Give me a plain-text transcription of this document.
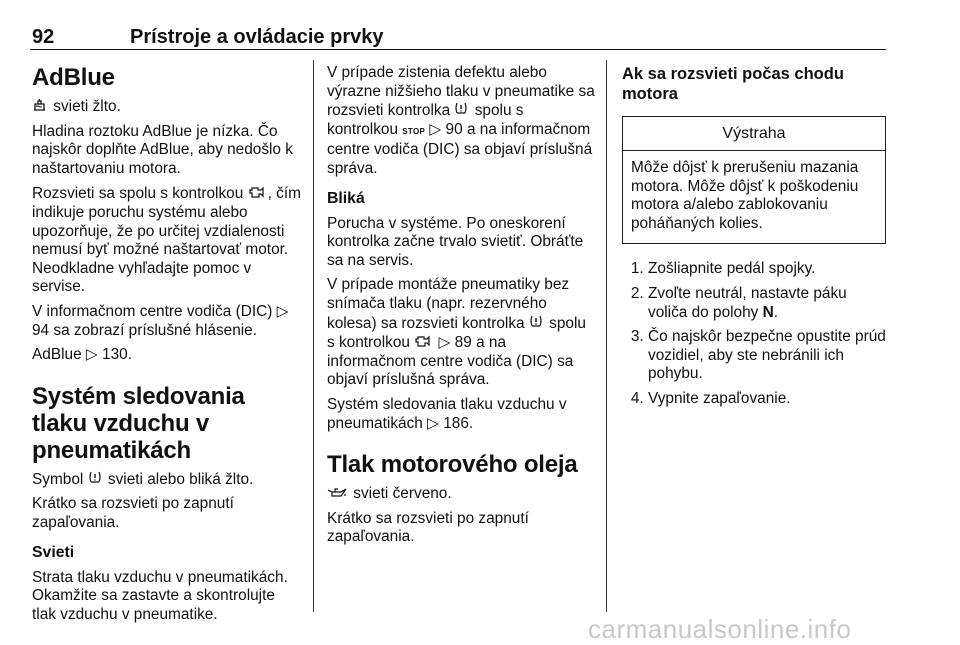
92	Prístroje a ovládacie prvky
AdBlue

svieti žlto.

Hladina roztoku AdBlue je nízka. Čo najskôr doplňte AdBlue, aby nedošlo k naštartovaniu motora.

Rozsvieti sa spolu s kontrolkou , čím indikuje poruchu systému alebo upozorňuje, že po určitej vzdialenosti nemusí byť možné naštartovať motor. Neodkladne vyhľadajte pomoc v servise.

V informačnom centre vodiča (DIC) ▷ 94 sa zobrazí príslušné hlásenie.

AdBlue ▷ 130.

Systém sledovania tlaku vzduchu v pneumatikách

Symbol  svieti alebo bliká žlto.

Krátko sa rozsvieti po zapnutí zapaľovania.

Svieti

Strata tlaku vzduchu v pneumatikách. Okamžite sa zastavte a skontrolujte tlak vzduchu v pneumatike.

V prípade zistenia defektu alebo výrazne nižšieho tlaku v pneumatike sa rozsvieti kontrolka  spolu s kontrolkou STOP ▷ 90 a na informačnom centre vodiča (DIC) sa objaví príslušná správa.

Bliká

Porucha v systéme. Po oneskorení kontrolka začne trvalo svietiť. Obráťte sa na servis.

V prípade montáže pneumatiky bez snímača tlaku (napr. rezervného kolesa) sa rozsvieti kontrolka  spolu s kontrolkou  ▷ 89 a na informačnom centre vodiča (DIC) sa objaví príslušná správa.

Systém sledovania tlaku vzduchu v pneumatikách ▷ 186.

Tlak motorového oleja

svieti červeno.

Krátko sa rozsvieti po zapnutí zapaľovania.

Ak sa rozsvieti počas chodu motora
Výstraha
Môže dôjsť k prerušeniu mazania motora. Môže dôjsť k poškodeniu motora a/alebo zablokovaniu poháňaných kolies.
1. Zošliapnite pedál spojky.
2. Zvoľte neutrál, nastavte páku voliča do polohy N.
3. Čo najskôr bezpečne opustite prúd vozidiel, aby ste nebránili ich pohybu.
4. Vypnite zapaľovanie.
carmanualsonline.info
